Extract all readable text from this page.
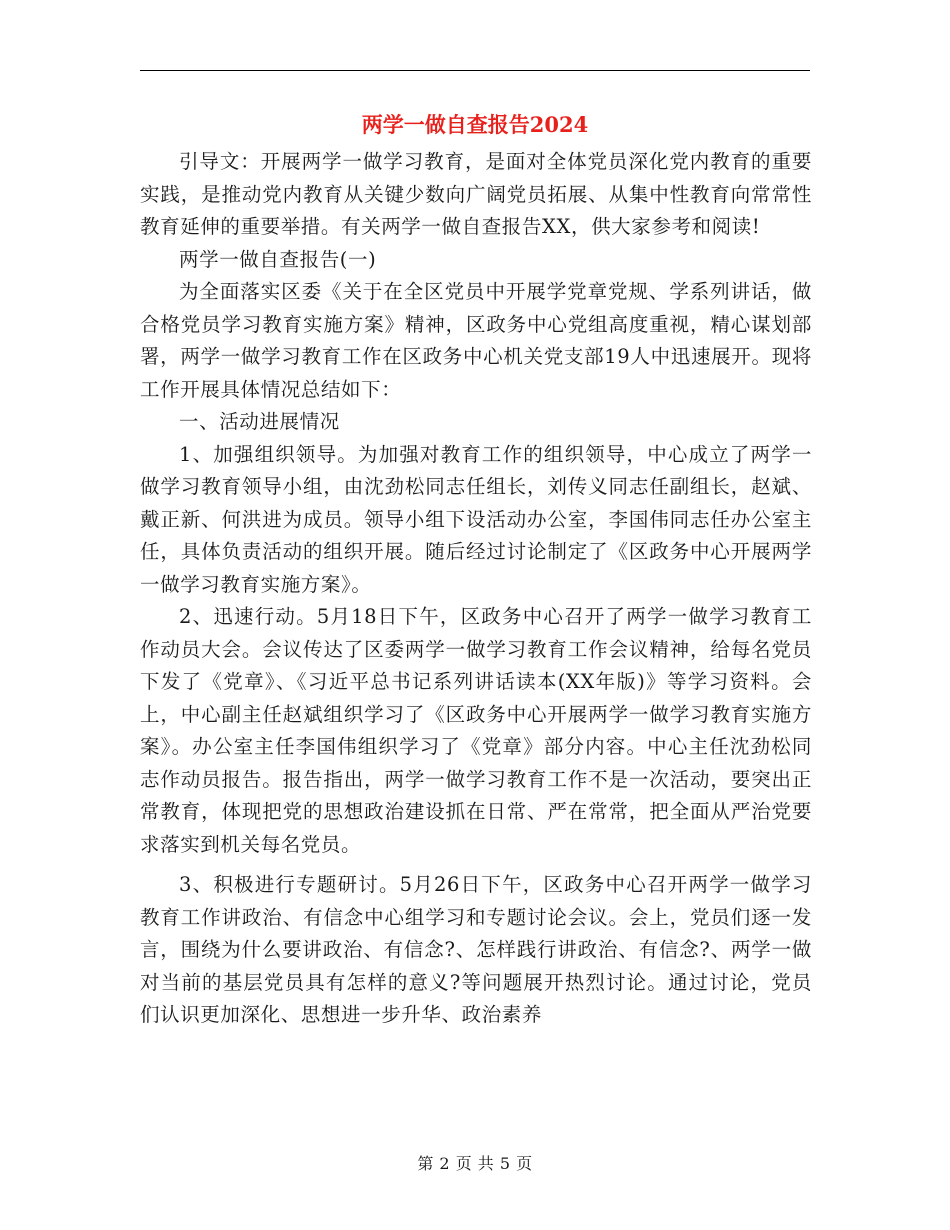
两学一做自查报告2024

引导文：开展两学一做学习教育，是面对全体党员深化党内教育的重要实践，是推动党内教育从关键少数向广阔党员拓展、从集中性教育向常常性教育延伸的重要举措。有关两学一做自查报告XX，供大家参考和阅读!

两学一做自查报告(一)

为全面落实区委《关于在全区党员中开展学党章党规、学系列讲话，做合格党员学习教育实施方案》精神，区政务中心党组高度重视，精心谋划部署，两学一做学习教育工作在区政务中心机关党支部19人中迅速展开。现将工作开展具体情况总结如下：

一、活动进展情况

1、加强组织领导。为加强对教育工作的组织领导，中心成立了两学一做学习教育领导小组，由沈劲松同志任组长，刘传义同志任副组长，赵斌、戴正新、何洪进为成员。领导小组下设活动办公室，李国伟同志任办公室主任，具体负责活动的组织开展。随后经过讨论制定了《区政务中心开展两学一做学习教育实施方案》。

2、迅速行动。5月18日下午，区政务中心召开了两学一做学习教育工作动员大会。会议传达了区委两学一做学习教育工作会议精神，给每名党员下发了《党章》、《习近平总书记系列讲话读本(XX年版)》等学习资料。会上，中心副主任赵斌组织学习了《区政务中心开展两学一做学习教育实施方案》。办公室主任李国伟组织学习了《党章》部分内容。中心主任沈劲松同志作动员报告。报告指出，两学一做学习教育工作不是一次活动，要突出正常教育，体现把党的思想政治建设抓在日常、严在常常，把全面从严治党要求落实到机关每名党员。

3、积极进行专题研讨。5月26日下午，区政务中心召开两学一做学习教育工作讲政治、有信念中心组学习和专题讨论会议。会上，党员们逐一发言，围绕为什么要讲政治、有信念?、怎样践行讲政治、有信念?、两学一做对当前的基层党员具有怎样的意义?等问题展开热烈讨论。通过讨论，党员们认识更加深化、思想进一步升华、政治素养

第 2 页 共 5 页
